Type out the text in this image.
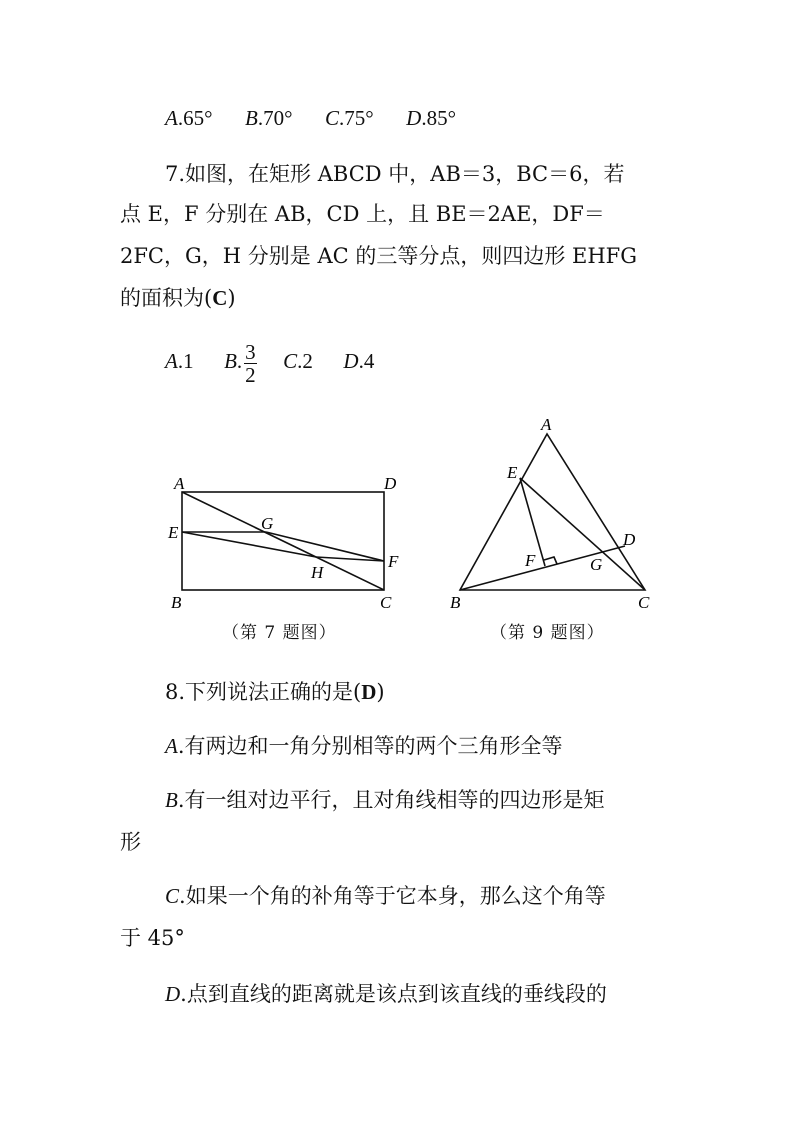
A.65° B.70° C.75° D.85°
7.如图，在矩形 ABCD 中，AB＝3，BC＝6，若
点 E，F 分别在 AB，CD 上，且 BE＝2AE，DF＝
2FC，G，H 分别是 AC 的三等分点，则四边形 EHFG
的面积为(C)
A.1 B. $\frac{3}{2} C.2$ D.4
A	D
E	G
F
H
B	C
（第 7 题图）
A
E
D
F	G
B	C
（第 9 题图）
8.下列说法正确的是(D)
A.有两边和一角分别相等的两个三角形全等
B.有一组对边平行，且对角线相等的四边形是矩
形
C.如果一个角的补角等于它本身，那么这个角等
于 45°
D.点到直线的距离就是该点到该直线的垂线段的
